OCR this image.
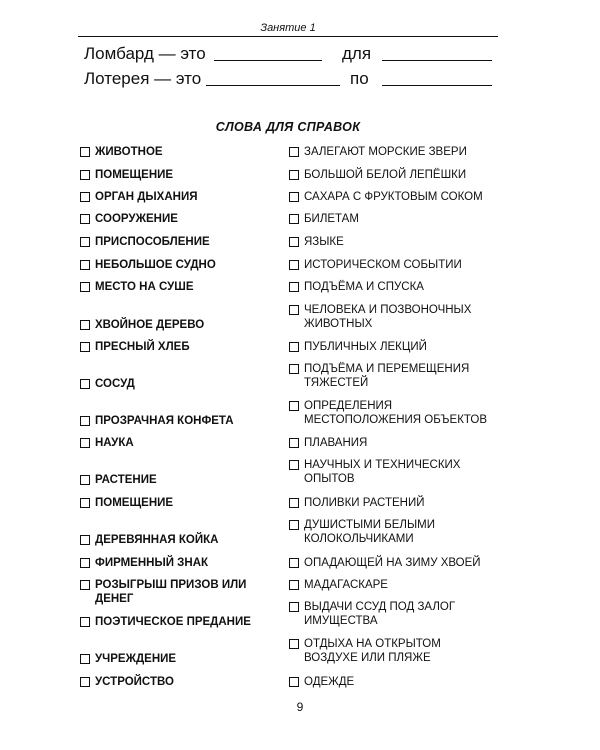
Занятие 1
Ломбард — это	для
Лотерея — это	по
СЛОВА ДЛЯ СПРАВОК
ЖИВОТНОЕ
ПОМЕЩЕНИЕ
ОРГАН ДЫХАНИЯ
СООРУЖЕНИЕ
ПРИСПОСОБЛЕНИЕ
НЕБОЛЬШОЕ СУДНО
МЕСТО НА СУШЕ
ХВОЙНОЕ ДЕРЕВО
ПРЕСНЫЙ ХЛЕБ
СОСУД
ПРОЗРАЧНАЯ КОНФЕТА
НАУКА
РАСТЕНИЕ
ПОМЕЩЕНИЕ
ДЕРЕВЯННАЯ КОЙКА
ФИРМЕННЫЙ ЗНАК
РОЗЫГРЫШ ПРИЗОВ ИЛИ
ДЕНЕГ
ПОЭТИЧЕСКОЕ ПРЕДАНИЕ
УЧРЕЖДЕНИЕ
УСТРОЙСТВО
ЗАЛЕГАЮТ МОРСКИЕ ЗВЕРИ
БОЛЬШОЙ БЕЛОЙ ЛЕПЁШКИ
САХАРА С ФРУКТОВЫМ СОКОМ
БИЛЕТАМ
ЯЗЫКЕ
ИСТОРИЧЕСКОМ СОБЫТИИ
ПОДЪЁМА И СПУСКА
ЧЕЛОВЕКА И ПОЗВОНОЧНЫХ
ЖИВОТНЫХ
ПУБЛИЧНЫХ ЛЕКЦИЙ
ПОДЪЁМА И ПЕРЕМЕЩЕНИЯ
ТЯЖЕСТЕЙ
ОПРЕДЕЛЕНИЯ
МЕСТОПОЛОЖЕНИЯ ОБЪЕКТОВ
ПЛАВАНИЯ
НАУЧНЫХ И ТЕХНИЧЕСКИХ
ОПЫТОВ
ПОЛИВКИ РАСТЕНИЙ
ДУШИСТЫМИ БЕЛЫМИ
КОЛОКОЛЬЧИКАМИ
ОПАДАЮЩЕЙ НА ЗИМУ ХВОЕЙ
МАДАГАСКАРЕ
ВЫДАЧИ ССУД ПОД ЗАЛОГ
ИМУЩЕСТВА
ОТДЫХА НА ОТКРЫТОМ
ВОЗДУХЕ ИЛИ ПЛЯЖЕ
ОДЕЖДЕ
9
